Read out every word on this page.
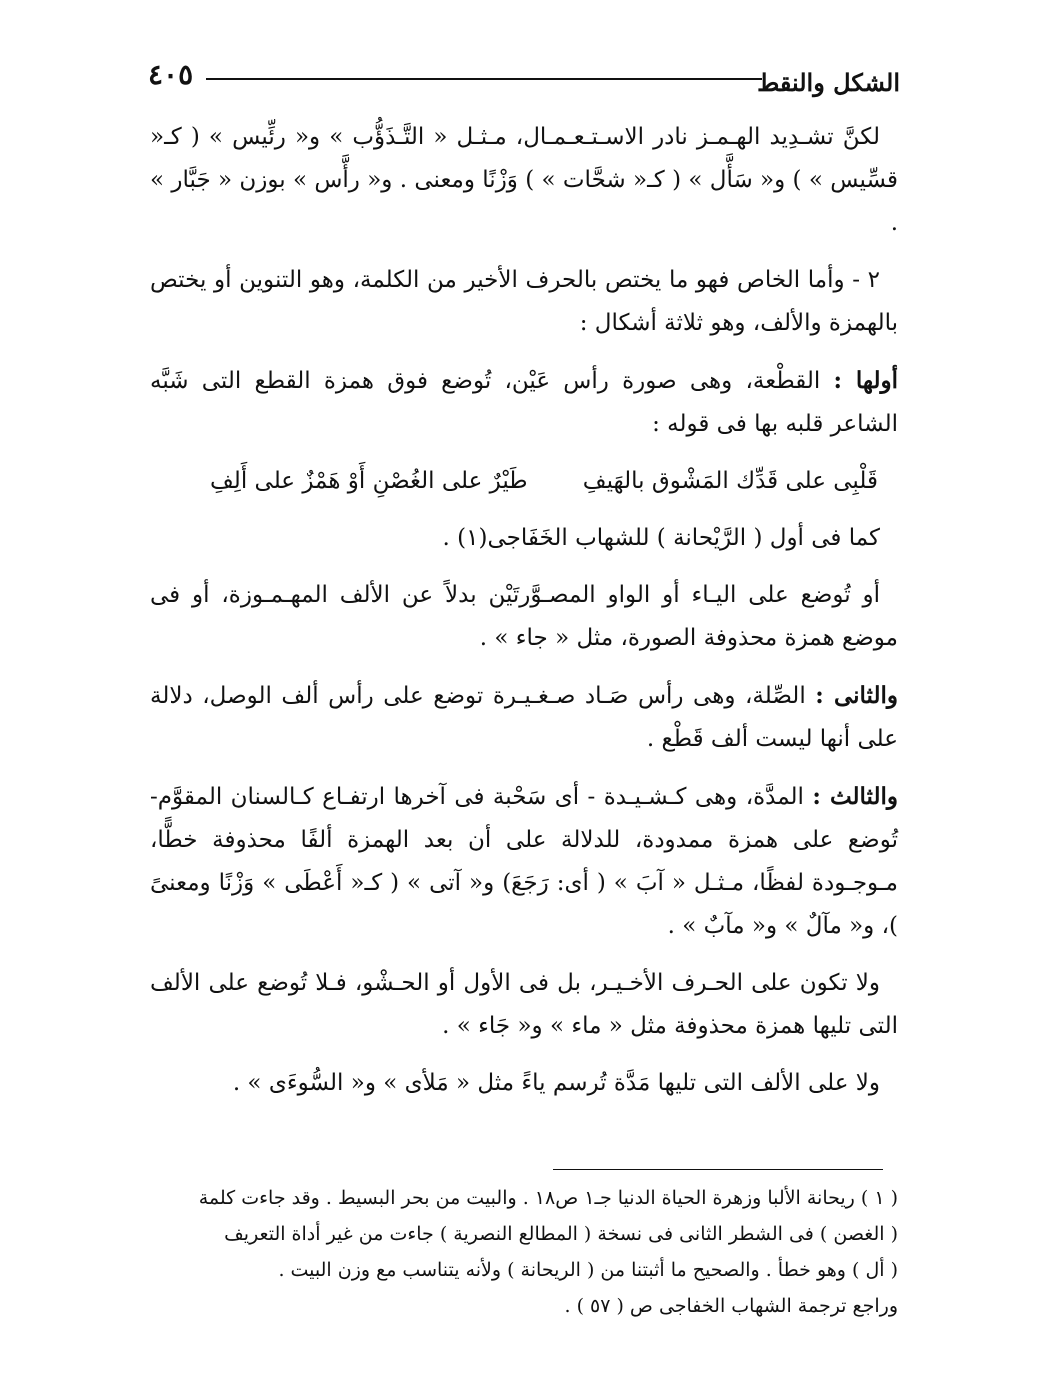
الشكل والنقط
٤٠٥

لكنَّ تشـدِيد الهـمـز نادر الاسـتـعـمـال، مـثـل « التَّـذَؤُّب » و« رئِّيس » ( كـ« قسِّيس » ) و« سَأَّل » ( كـ« شحَّات » ) وَزْنًا ومعنى . و« رأَّس » بوزن « جَبَّار » .

٢ - وأما الخاص فهو ما يختص بالحرف الأخير من الكلمة، وهو التنوين أو يختص بالهمزة والألف، وهو ثلاثة أشكال :

أولها : القطْعة، وهى صورة رأس عَيْن، تُوضع فوق همزة القطع التى شَبَّه الشاعر قلبه بها فى قوله :

قَلْبِى على قَدِّك المَشْوق بالهَيفِ
طَيْرٌ على الغُصْنِ أَوْ هَمْزٌ على أَلِفِ

كما فى أول ( الرَّيْحانة ) للشهاب الخَفَاجى(١) .

أو تُوضع على اليـاء أو الواو المصـوَّرتَيْن بدلاً عن الألف المهـمـوزة، أو فى موضع همزة محذوفة الصورة، مثل « جاء » .

والثانى : الصِّلة، وهى رأس صَـاد صـغـيـرة توضع على رأس ألف الوصل، دلالة على أنها ليست ألف قَطْع .

والثالث : المدَّة، وهى كـشـيـدة - أى سَحْبة فى آخرها ارتفـاع كـالسنان المقوَّم- تُوضع على همزة ممدودة، للدلالة على أن بعد الهمزة ألفًا محذوفة خطًّا، مـوجـودة لفظًا، مـثـل « آبَ » ( أى: رَجَعَ) و« آتى » ( كـ« أَعْطَى » وَزْنًا ومعنىً )، و« مآلٌ » و« مآبٌ » .

ولا تكون على الحـرف الأخـيـر، بل فى الأول أو الحـشْو، فـلا تُوضع على الألف التى تليها همزة محذوفة مثل « ماء » و« جَاء » .

ولا على الألف التى تليها مَدَّة تُرسم ياءً مثل « مَلأى » و« السُّوءَى » .

( ١ ) ريحانة الألبا وزهرة الحياة الدنيا جـ١ ص١٨ . والبيت من بحر البسيط . وقد جاءت كلمة

( الغصن ) فى الشطر الثانى فى نسخة ( المطالع النصرية ) جاءت من غير أداة التعريف

( أل ) وهو خطأ . والصحيح ما أثبتنا من ( الريحانة ) ولأنه يتناسب مع وزن البيت .

وراجع ترجمة الشهاب الخفاجى ص ( ٥٧ ) .
